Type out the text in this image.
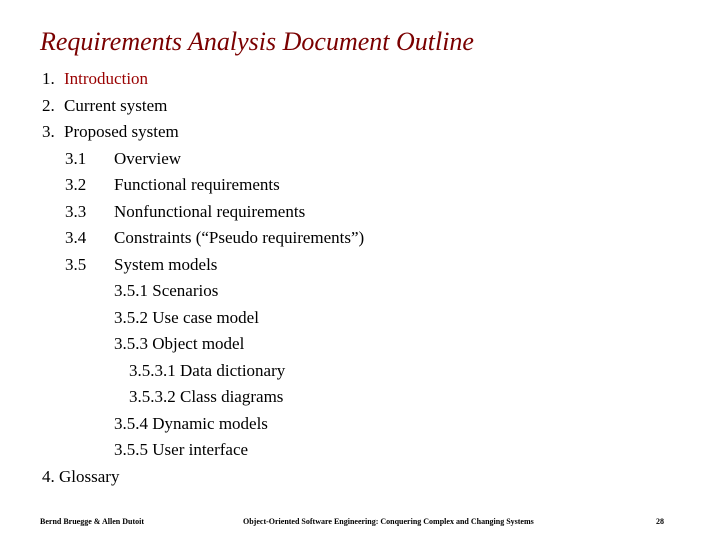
Requirements Analysis Document Outline
1. Introduction
2. Current system
3. Proposed system
3.1 Overview
3.2 Functional requirements
3.3 Nonfunctional requirements
3.4 Constraints (“Pseudo requirements”)
3.5 System models
3.5.1 Scenarios
3.5.2 Use case model
3.5.3 Object model
3.5.3.1 Data dictionary
3.5.3.2 Class diagrams
3.5.4 Dynamic models
3.5.5 User interface
4. Glossary
Bernd Bruegge & Allen Dutoit	Object-Oriented Software Engineering: Conquering Complex and Changing Systems	28
